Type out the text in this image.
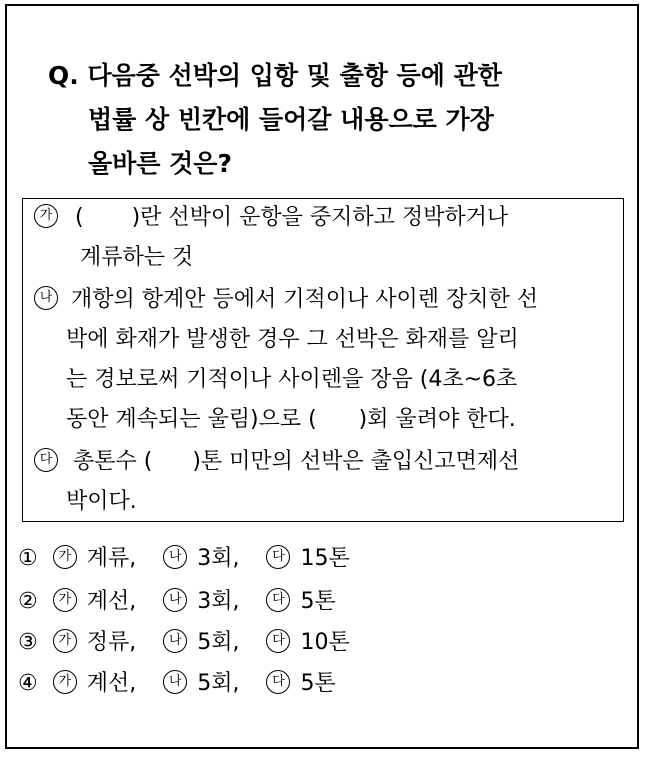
Q. 다음중 선박의 입항 및 출항 등에 관한
법률 상 빈칸에 들어갈 내용으로 가장
올바른 것은?
가 ( )란 선박이 운항을 중지하고 정박하거나
계류하는 것
나 개항의 항계안 등에서 기적이나 사이렌 장치한 선
박에 화재가 발생한 경우 그 선박은 화재를 알리
는 경보로써 기적이나 사이렌을 장음 (4초~6초
동안 계속되는 울림)으로 ( )회 울려야 한다.
다 총톤수 ( )톤 미만의 선박은 출입신고면제선
박이다.
① 가 계류,	나 3회,	다 15톤
② 가 계선,	나 3회,	다 5톤
③ 가 정류,	나 5회,	다 10톤
④ 가 계선,	나 5회,	다 5톤
